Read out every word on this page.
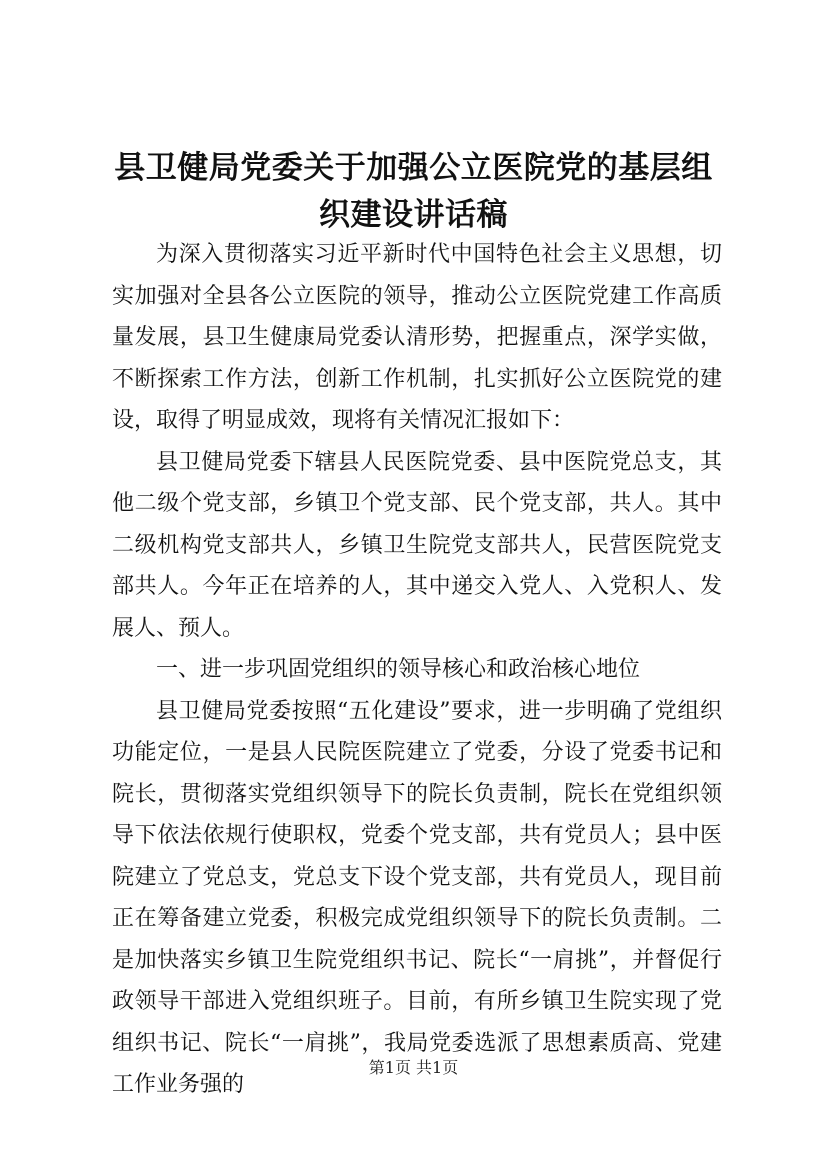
县卫健局党委关于加强公立医院党的基层组织建设讲话稿

为深入贯彻落实习近平新时代中国特色社会主义思想，切实加强对全县各公立医院的领导，推动公立医院党建工作高质量发展，县卫生健康局党委认清形势，把握重点，深学实做，不断探索工作方法，创新工作机制，扎实抓好公立医院党的建设，取得了明显成效，现将有关情况汇报如下：

县卫健局党委下辖县人民医院党委、县中医院党总支，其他二级个党支部，乡镇卫个党支部、民个党支部，共人。其中二级机构党支部共人，乡镇卫生院党支部共人，民营医院党支部共人。今年正在培养的人，其中递交入党人、入党积人、发展人、预人。

一、进一步巩固党组织的领导核心和政治核心地位

县卫健局党委按照“五化建设”要求，进一步明确了党组织功能定位，一是县人民院医院建立了党委，分设了党委书记和院长，贯彻落实党组织领导下的院长负责制，院长在党组织领导下依法依规行使职权，党委个党支部，共有党员人；县中医院建立了党总支，党总支下设个党支部，共有党员人，现目前正在筹备建立党委，积极完成党组织领导下的院长负责制。二是加快落实乡镇卫生院党组织书记、院长“一肩挑”，并督促行政领导干部进入党组织班子。目前，有所乡镇卫生院实现了党组织书记、院长“一肩挑”，我局党委选派了思想素质高、党建工作业务强的

第1页 共1页
